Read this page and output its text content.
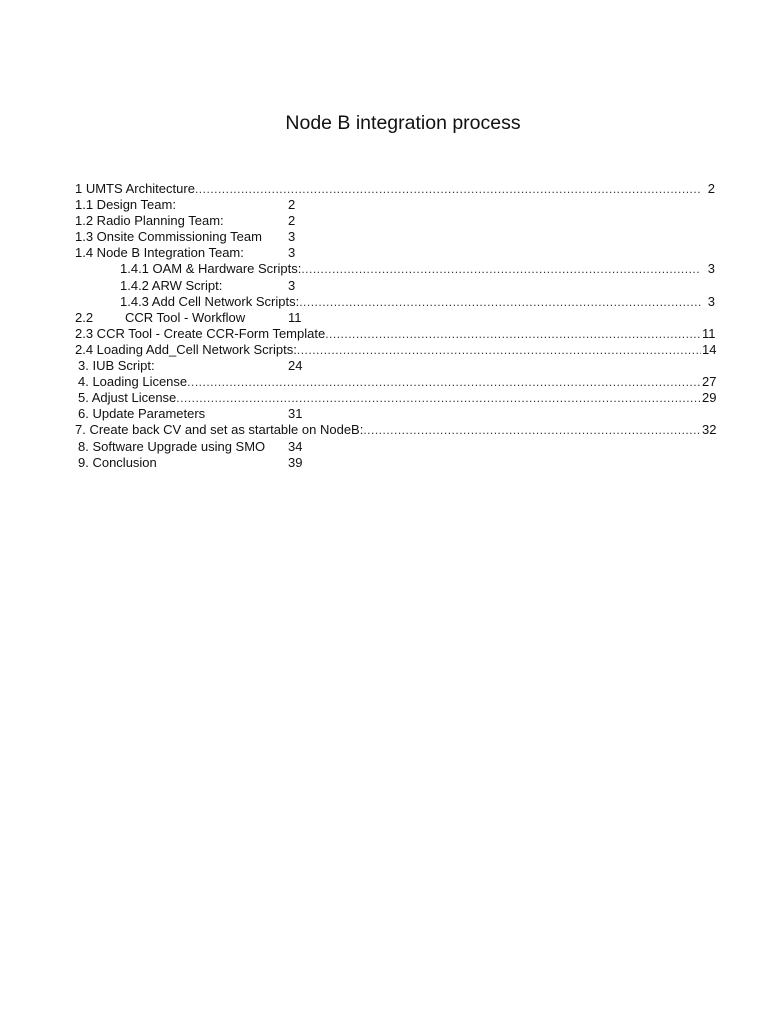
Node B integration process
1 UMTS Architecture .....	2
1.1 Design Team:	2
1.2 Radio Planning Team:	2
1.3 Onsite Commissioning Team	3
1.4 Node B Integration Team:	3
1.4.1 OAM & Hardware Scripts: .....	3
1.4.2 ARW Script:	3
1.4.3 Add Cell Network Scripts: .....	3
2.2 CCR Tool - Workflow	11
2.3 CCR Tool - Create CCR-Form Template .....	11
2.4 Loading Add_Cell Network Scripts: .....	14
3. IUB Script:	24
4. Loading License .....	27
5. Adjust License .....	29
6. Update Parameters	31
7. Create back CV and set as startable on NodeB: .....	32
8. Software Upgrade using SMO	34
9. Conclusion	39
